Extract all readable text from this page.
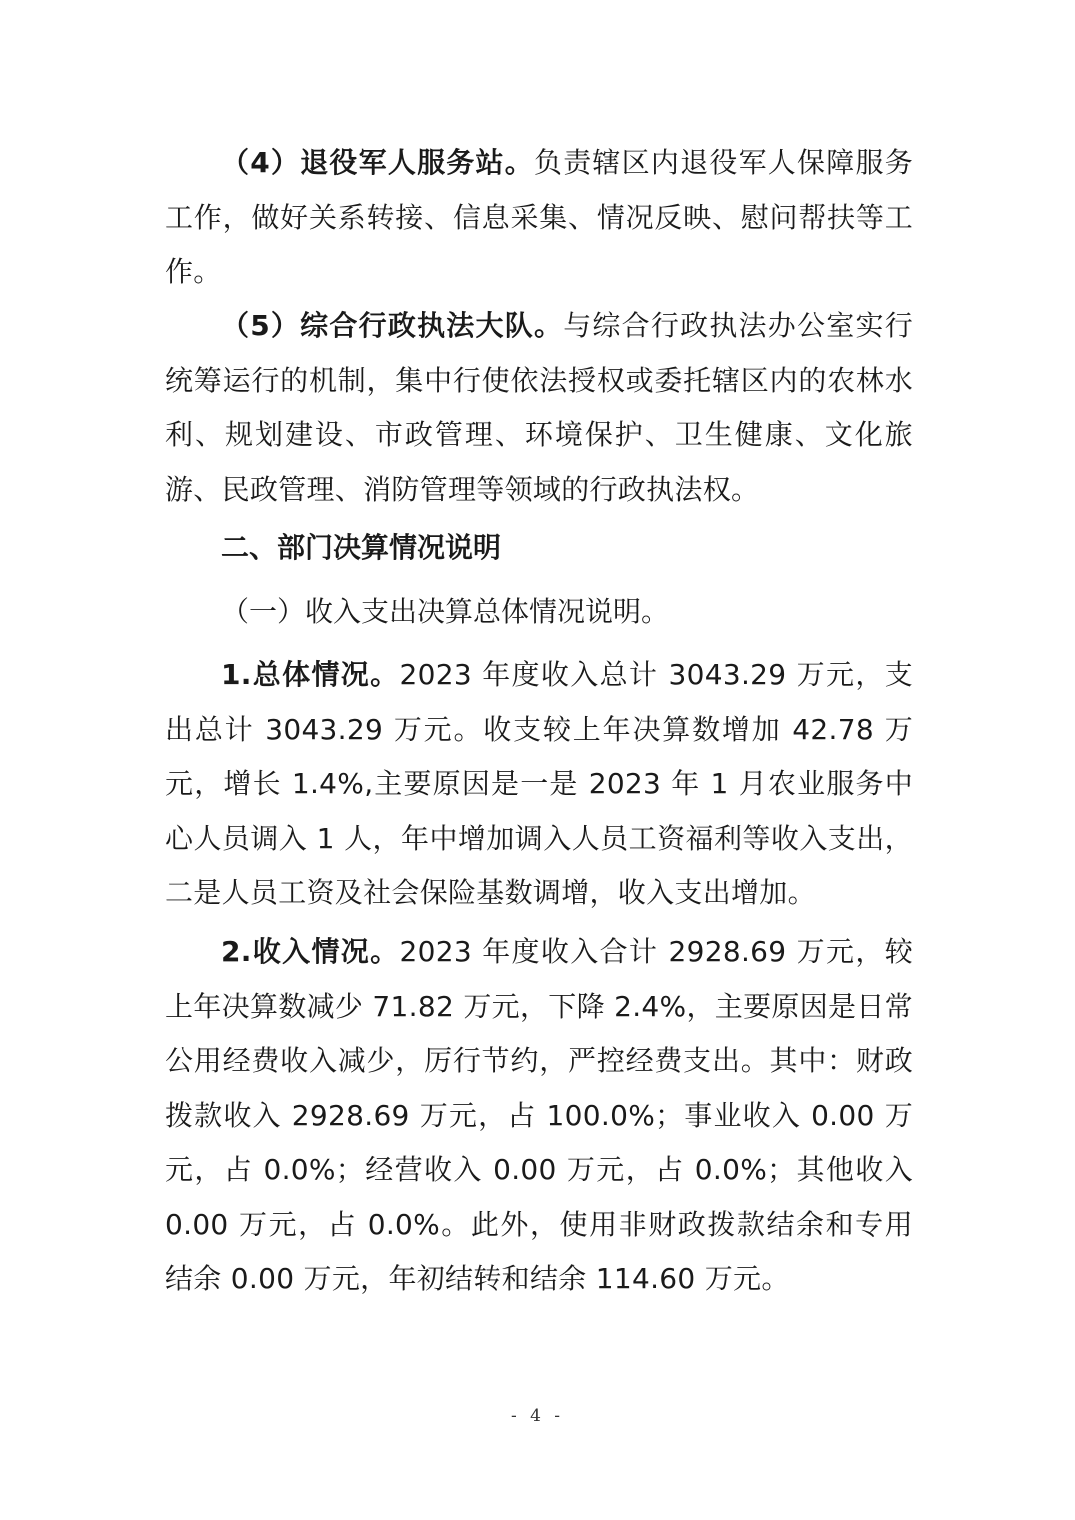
（4）退役军人服务站。负责辖区内退役军人保障服务工作，做好关系转接、信息采集、情况反映、慰问帮扶等工作。

（5）综合行政执法大队。与综合行政执法办公室实行统筹运行的机制，集中行使依法授权或委托辖区内的农林水利、规划建设、市政管理、环境保护、卫生健康、文化旅游、民政管理、消防管理等领域的行政执法权。

二、部门决算情况说明

（一）收入支出决算总体情况说明。

1.总体情况。2023 年度收入总计 3043.29 万元，支出总计 3043.29 万元。收支较上年决算数增加 42.78 万元，增长 1.4%,主要原因是一是 2023 年 1 月农业服务中心人员调入 1 人，年中增加调入人员工资福利等收入支出，二是人员工资及社会保险基数调增，收入支出增加。

2.收入情况。2023 年度收入合计 2928.69 万元，较上年决算数减少 71.82 万元，下降 2.4%，主要原因是日常公用经费收入减少，厉行节约，严控经费支出。其中：财政拨款收入 2928.69 万元，占 100.0%；事业收入 0.00 万元，占 0.0%；经营收入 0.00 万元，占 0.0%；其他收入 0.00 万元，占 0.0%。此外，使用非财政拨款结余和专用结余 0.00 万元，年初结转和结余 114.60 万元。

- 4 -
